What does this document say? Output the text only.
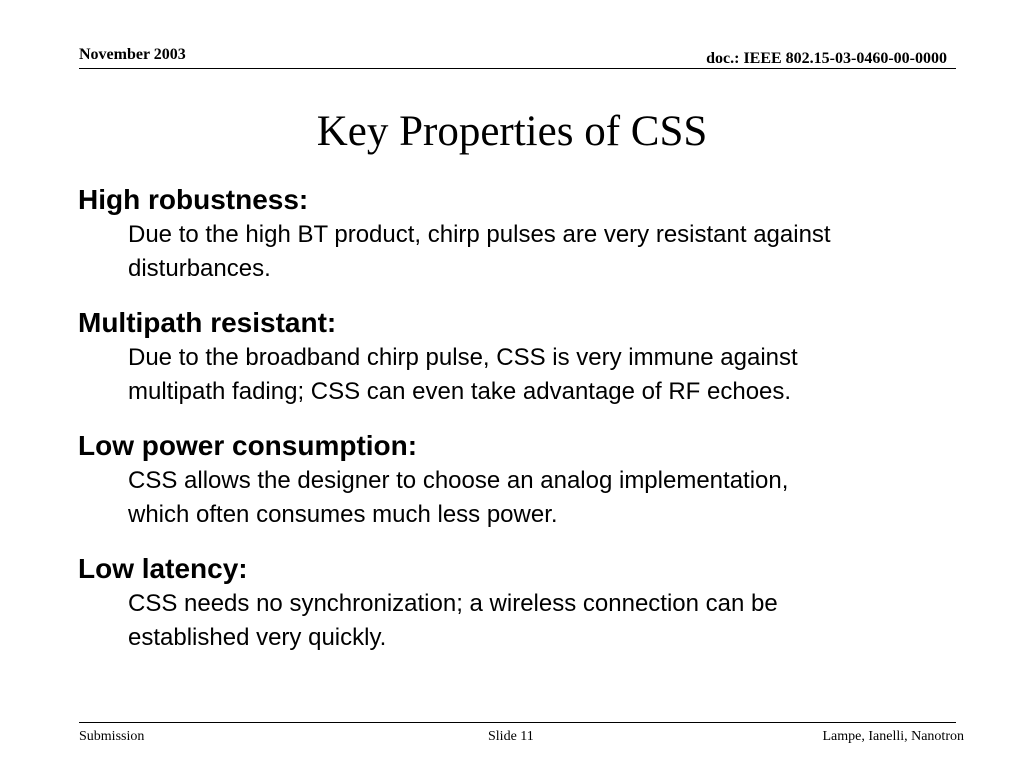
November 2003	doc.: IEEE 802.15-03-0460-00-0000
Key Properties of CSS
High robustness:
Due to the high BT product, chirp pulses are very resistant against
disturbances.
Multipath resistant:
Due to the broadband chirp pulse, CSS is very immune against
multipath fading; CSS can even take advantage of RF echoes.
Low power consumption:
CSS allows the designer to choose an analog implementation,
which often consumes much less power.
Low latency:
CSS needs no synchronization; a wireless connection can be
established very quickly.
Submission	Slide 11	Lampe, Ianelli, Nanotron
